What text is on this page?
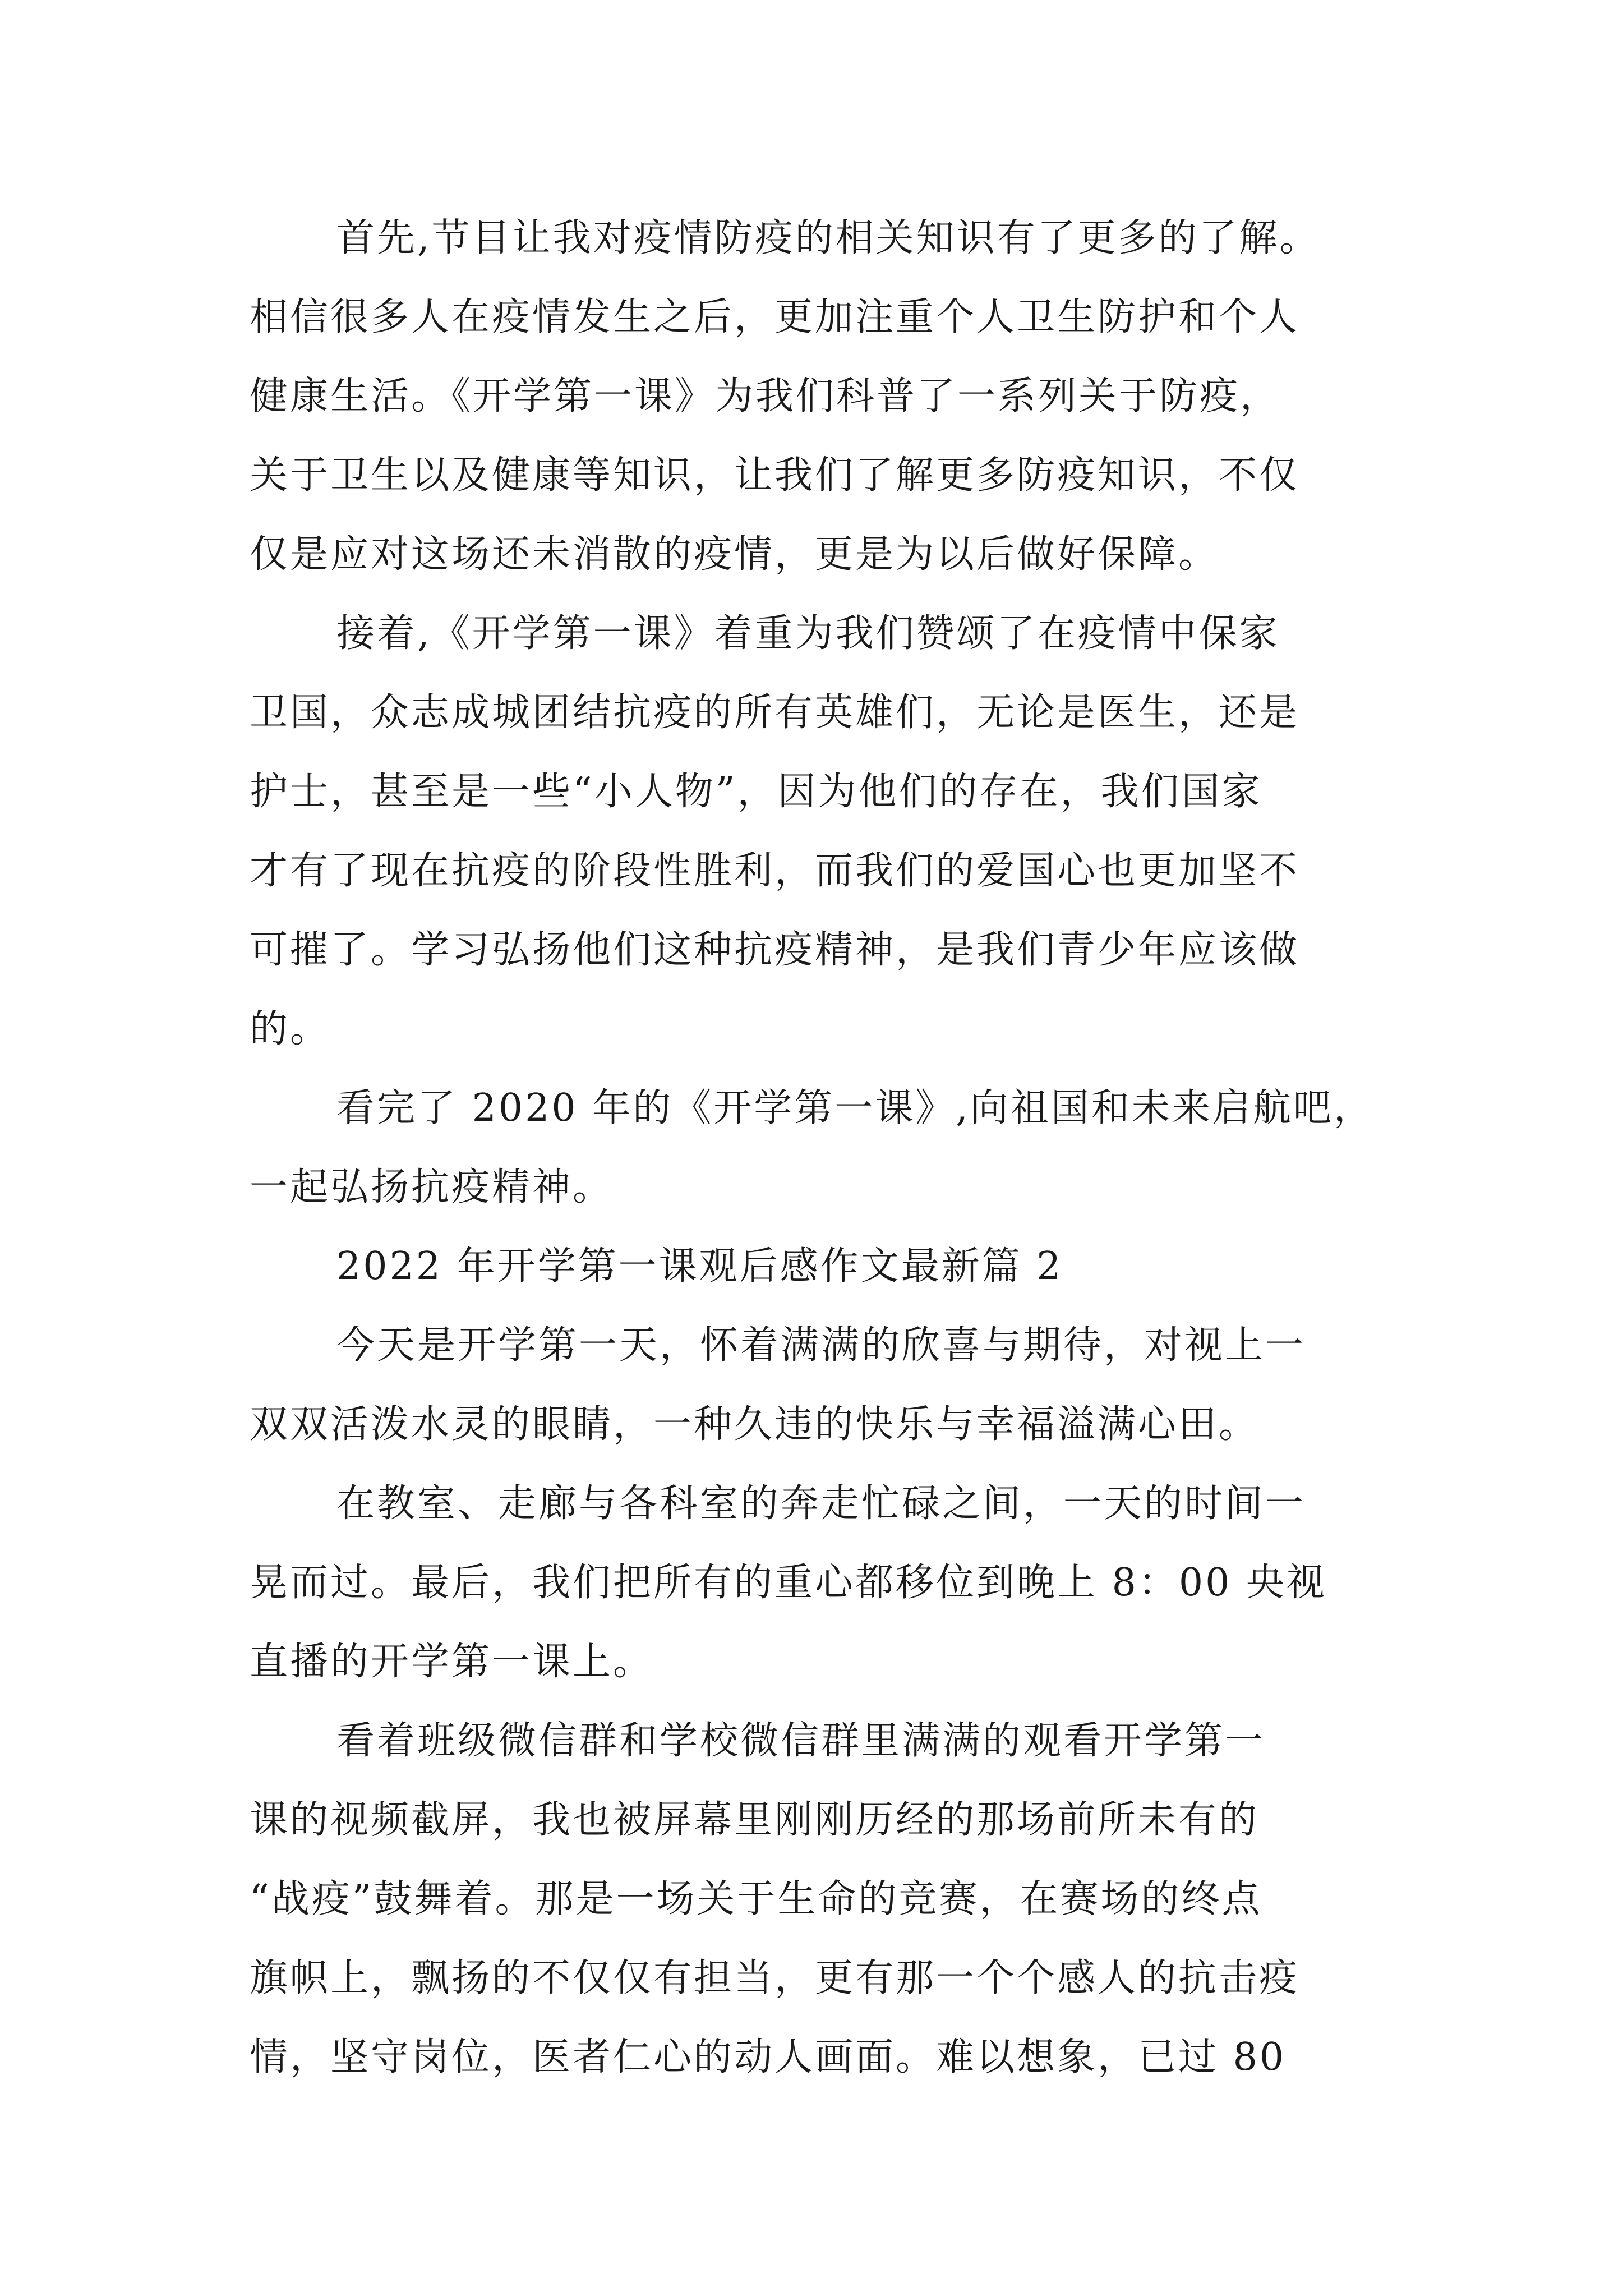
首先,节目让我对疫情防疫的相关知识有了更多的了解。
相信很多人在疫情发生之后，更加注重个人卫生防护和个人
健康生活。《开学第一课》为我们科普了一系列关于防疫，
关于卫生以及健康等知识，让我们了解更多防疫知识，不仅
仅是应对这场还未消散的疫情，更是为以后做好保障。
接着,《开学第一课》着重为我们赞颂了在疫情中保家
卫国，众志成城团结抗疫的所有英雄们，无论是医生，还是
护士，甚至是一些“小人物”，因为他们的存在，我们国家
才有了现在抗疫的阶段性胜利，而我们的爱国心也更加坚不
可摧了。学习弘扬他们这种抗疫精神，是我们青少年应该做
的。
看完了 2020 年的《开学第一课》,向祖国和未来启航吧，
一起弘扬抗疫精神。
2022 年开学第一课观后感作文最新篇 2
今天是开学第一天，怀着满满的欣喜与期待，对视上一
双双活泼水灵的眼睛，一种久违的快乐与幸福溢满心田。
在教室、走廊与各科室的奔走忙碌之间，一天的时间一
晃而过。最后，我们把所有的重心都移位到晚上 8：00 央视
直播的开学第一课上。
看着班级微信群和学校微信群里满满的观看开学第一
课的视频截屏，我也被屏幕里刚刚历经的那场前所未有的
“战疫”鼓舞着。那是一场关于生命的竞赛，在赛场的终点
旗帜上，飘扬的不仅仅有担当，更有那一个个感人的抗击疫
情，坚守岗位，医者仁心的动人画面。难以想象，已过 80
